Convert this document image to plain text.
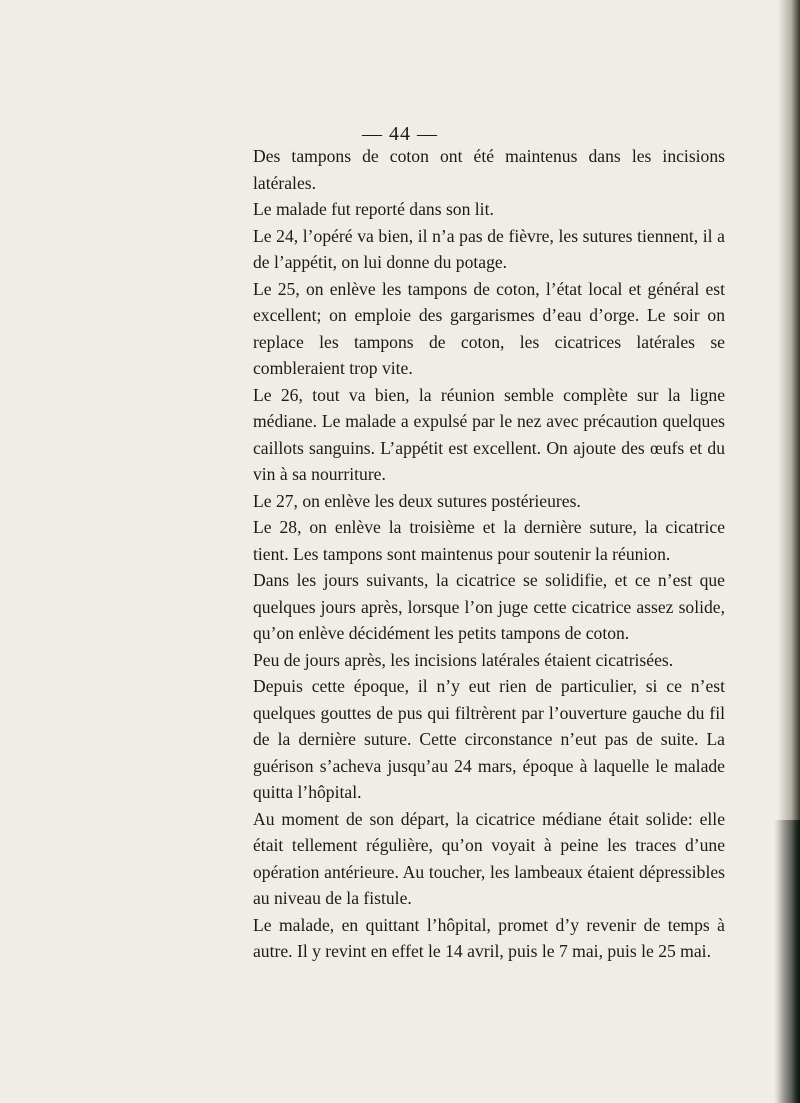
— 44 —

Des tampons de coton ont été maintenus dans les incisions latérales.

Le malade fut reporté dans son lit.

Le 24, l’opéré va bien, il n’a pas de fièvre, les sutures tiennent, il a de l’appétit, on lui donne du potage.

Le 25, on enlève les tampons de coton, l’état local et général est excellent; on emploie des gargarismes d’eau d’orge. Le soir on replace les tampons de coton, les cicatrices latérales se combleraient trop vite.

Le 26, tout va bien, la réunion semble complète sur la ligne médiane. Le malade a expulsé par le nez avec précaution quelques caillots sanguins. L’appétit est excellent. On ajoute des œufs et du vin à sa nourriture.

Le 27, on enlève les deux sutures postérieures.

Le 28, on enlève la troisième et la dernière suture, la cicatrice tient. Les tampons sont maintenus pour soutenir la réunion.

Dans les jours suivants, la cicatrice se solidifie, et ce n’est que quelques jours après, lorsque l’on juge cette cicatrice assez solide, qu’on enlève décidément les petits tampons de coton.

Peu de jours après, les incisions latérales étaient cicatrisées.

Depuis cette époque, il n’y eut rien de particulier, si ce n’est quelques gouttes de pus qui filtrèrent par l’ouverture gauche du fil de la dernière suture. Cette circonstance n’eut pas de suite. La guérison s’acheva jusqu’au 24 mars, époque à laquelle le malade quitta l’hôpital.

Au moment de son départ, la cicatrice médiane était solide: elle était tellement régulière, qu’on voyait à peine les traces d’une opération antérieure. Au toucher, les lambeaux étaient dépressibles au niveau de la fistule.

Le malade, en quittant l’hôpital, promet d’y revenir de temps à autre. Il y revint en effet le 14 avril, puis le 7 mai, puis le 25 mai.
